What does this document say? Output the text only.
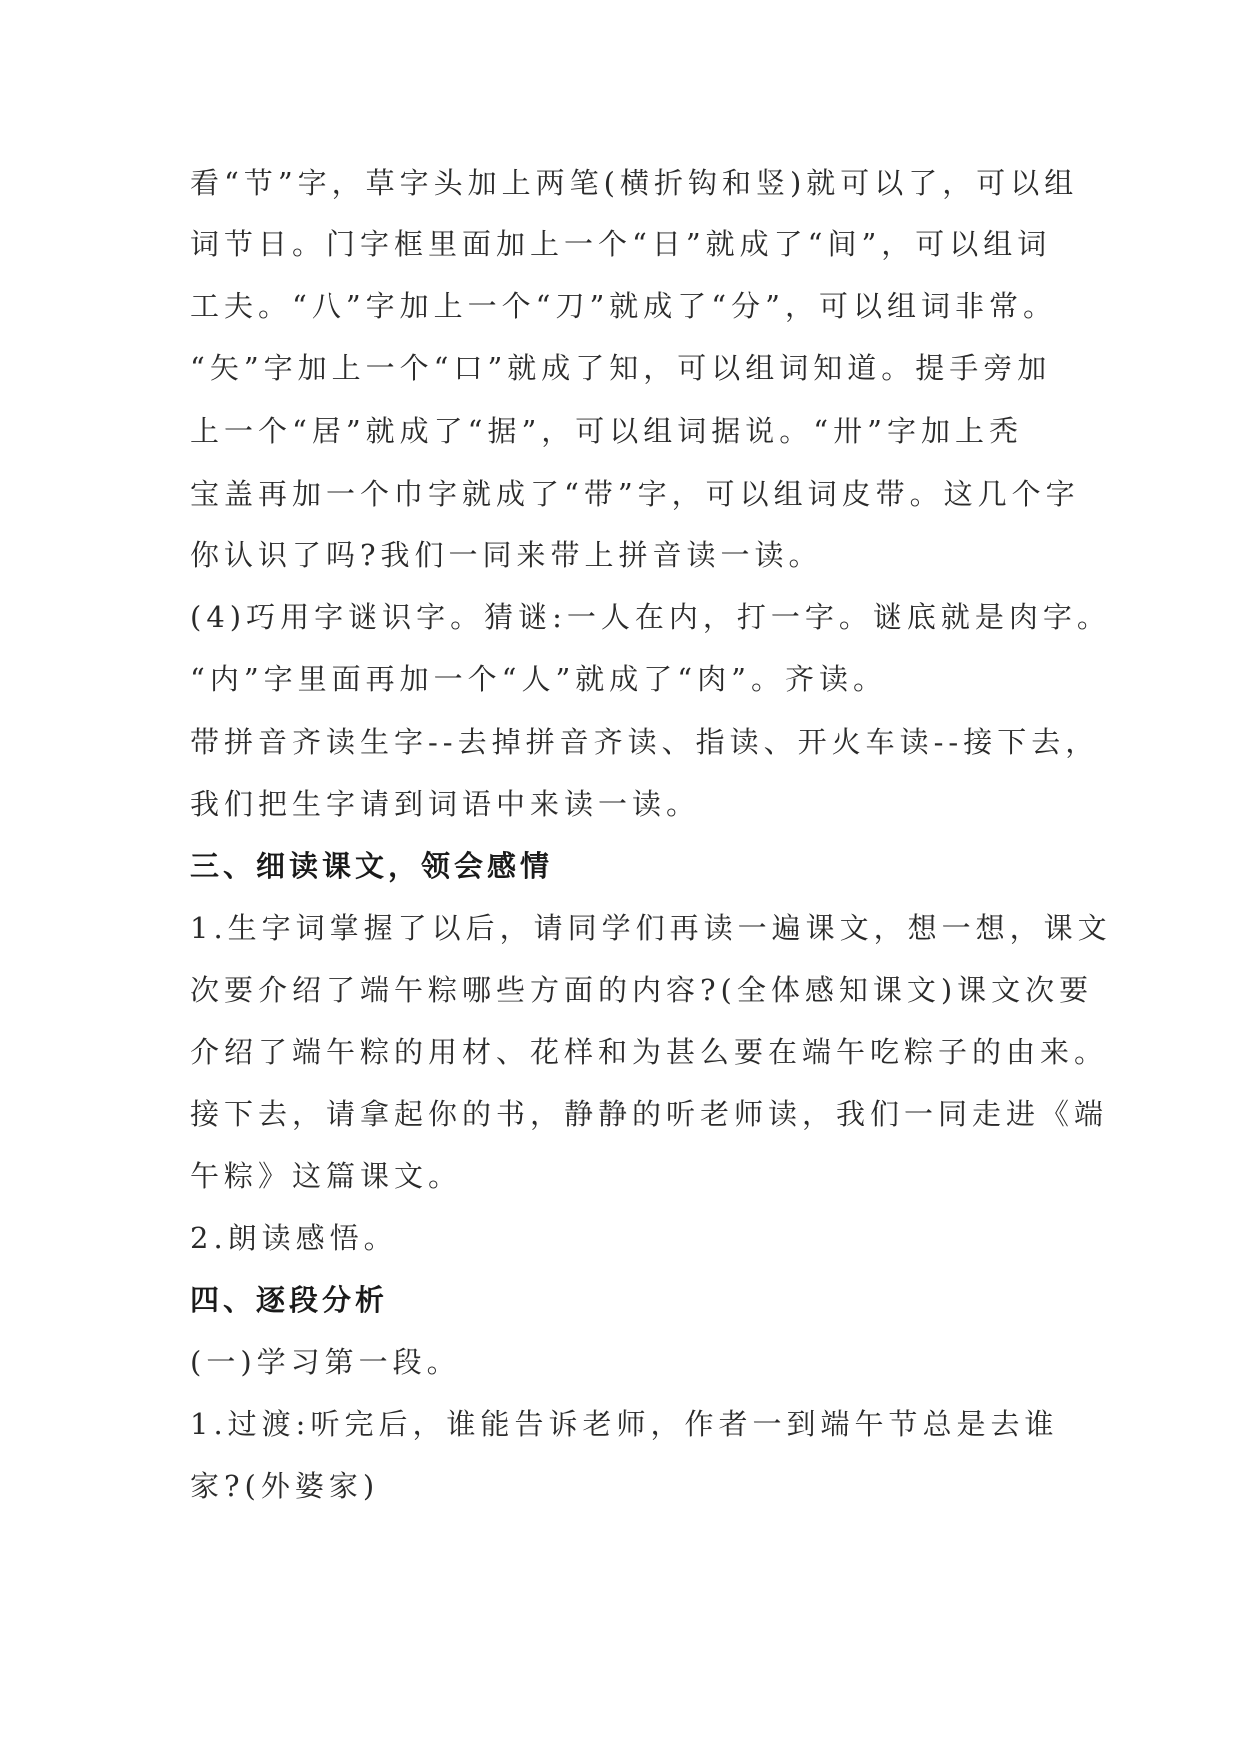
看“节”字，草字头加上两笔(横折钩和竖)就可以了，可以组
词节日。门字框里面加上一个“日”就成了“间”，可以组词
工夫。“八”字加上一个“刀”就成了“分”，可以组词非常。
“矢”字加上一个“口”就成了知，可以组词知道。提手旁加
上一个“居”就成了“据”，可以组词据说。“卅”字加上秃
宝盖再加一个巾字就成了“带”字，可以组词皮带。这几个字
你认识了吗?我们一同来带上拼音读一读。
(4)巧用字谜识字。猜谜:一人在内，打一字。谜底就是肉字。
“内”字里面再加一个“人”就成了“肉”。齐读。
带拼音齐读生字--去掉拼音齐读、指读、开火车读--接下去，
我们把生字请到词语中来读一读。
三、细读课文，领会感情
1.生字词掌握了以后，请同学们再读一遍课文，想一想，课文
次要介绍了端午粽哪些方面的内容?(全体感知课文)课文次要
介绍了端午粽的用材、花样和为甚么要在端午吃粽子的由来。
接下去，请拿起你的书，静静的听老师读，我们一同走进《端
午粽》这篇课文。
2.朗读感悟。
四、逐段分析
(一)学习第一段。
1.过渡:听完后，谁能告诉老师，作者一到端午节总是去谁
家?(外婆家)
